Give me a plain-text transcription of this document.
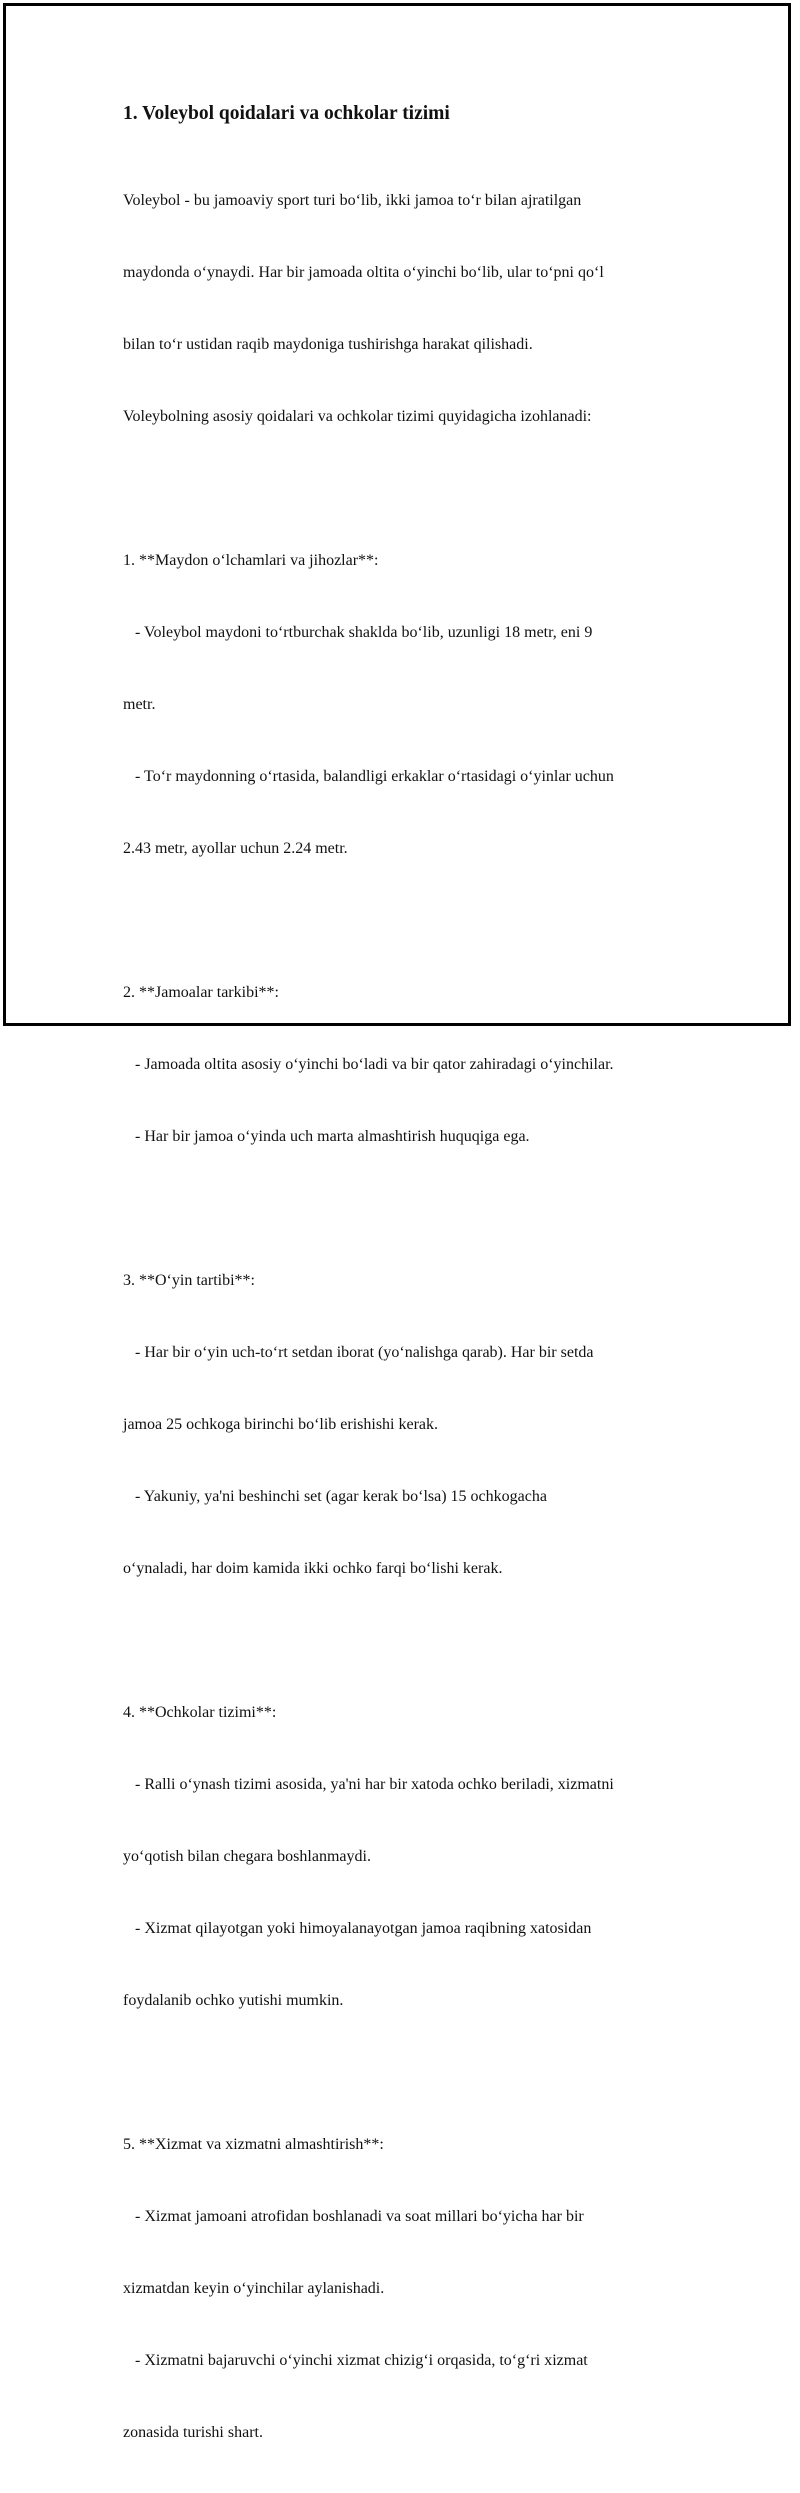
1. Voleybol qoidalari va ochkolar tizimi

Voleybol - bu jamoaviy sport turi bo‘lib, ikki jamoa to‘r bilan ajratilgan

maydonda o‘ynaydi. Har bir jamoada oltita o‘yinchi bo‘lib, ular to‘pni qo‘l

bilan to‘r ustidan raqib maydoniga tushirishga harakat qilishadi.

Voleybolning asosiy qoidalari va ochkolar tizimi quyidagicha izohlanadi:

1. **Maydon o‘lchamlari va jihozlar**:

- Voleybol maydoni to‘rtburchak shaklda bo‘lib, uzunligi 18 metr, eni 9

metr.

- To‘r maydonning o‘rtasida, balandligi erkaklar o‘rtasidagi o‘yinlar uchun

2.43 metr, ayollar uchun 2.24 metr.

2. **Jamoalar tarkibi**:

- Jamoada oltita asosiy o‘yinchi bo‘ladi va bir qator zahiradagi o‘yinchilar.

- Har bir jamoa o‘yinda uch marta almashtirish huquqiga ega.

3. **O‘yin tartibi**:

- Har bir o‘yin uch-to‘rt setdan iborat (yo‘nalishga qarab). Har bir setda

jamoa 25 ochkoga birinchi bo‘lib erishishi kerak.

- Yakuniy, ya'ni beshinchi set (agar kerak bo‘lsa) 15 ochkogacha

o‘ynaladi, har doim kamida ikki ochko farqi bo‘lishi kerak.

4. **Ochkolar tizimi**:

- Ralli o‘ynash tizimi asosida, ya'ni har bir xatoda ochko beriladi, xizmatni

yo‘qotish bilan chegara boshlanmaydi.

- Xizmat qilayotgan yoki himoyalanayotgan jamoa raqibning xatosidan

foydalanib ochko yutishi mumkin.

5. **Xizmat va xizmatni almashtirish**:

- Xizmat jamoani atrofidan boshlanadi va soat millari bo‘yicha har bir

xizmatdan keyin o‘yinchilar aylanishadi.

- Xizmatni bajaruvchi o‘yinchi xizmat chizig‘i orqasida, to‘g‘ri xizmat

zonasida turishi shart.
